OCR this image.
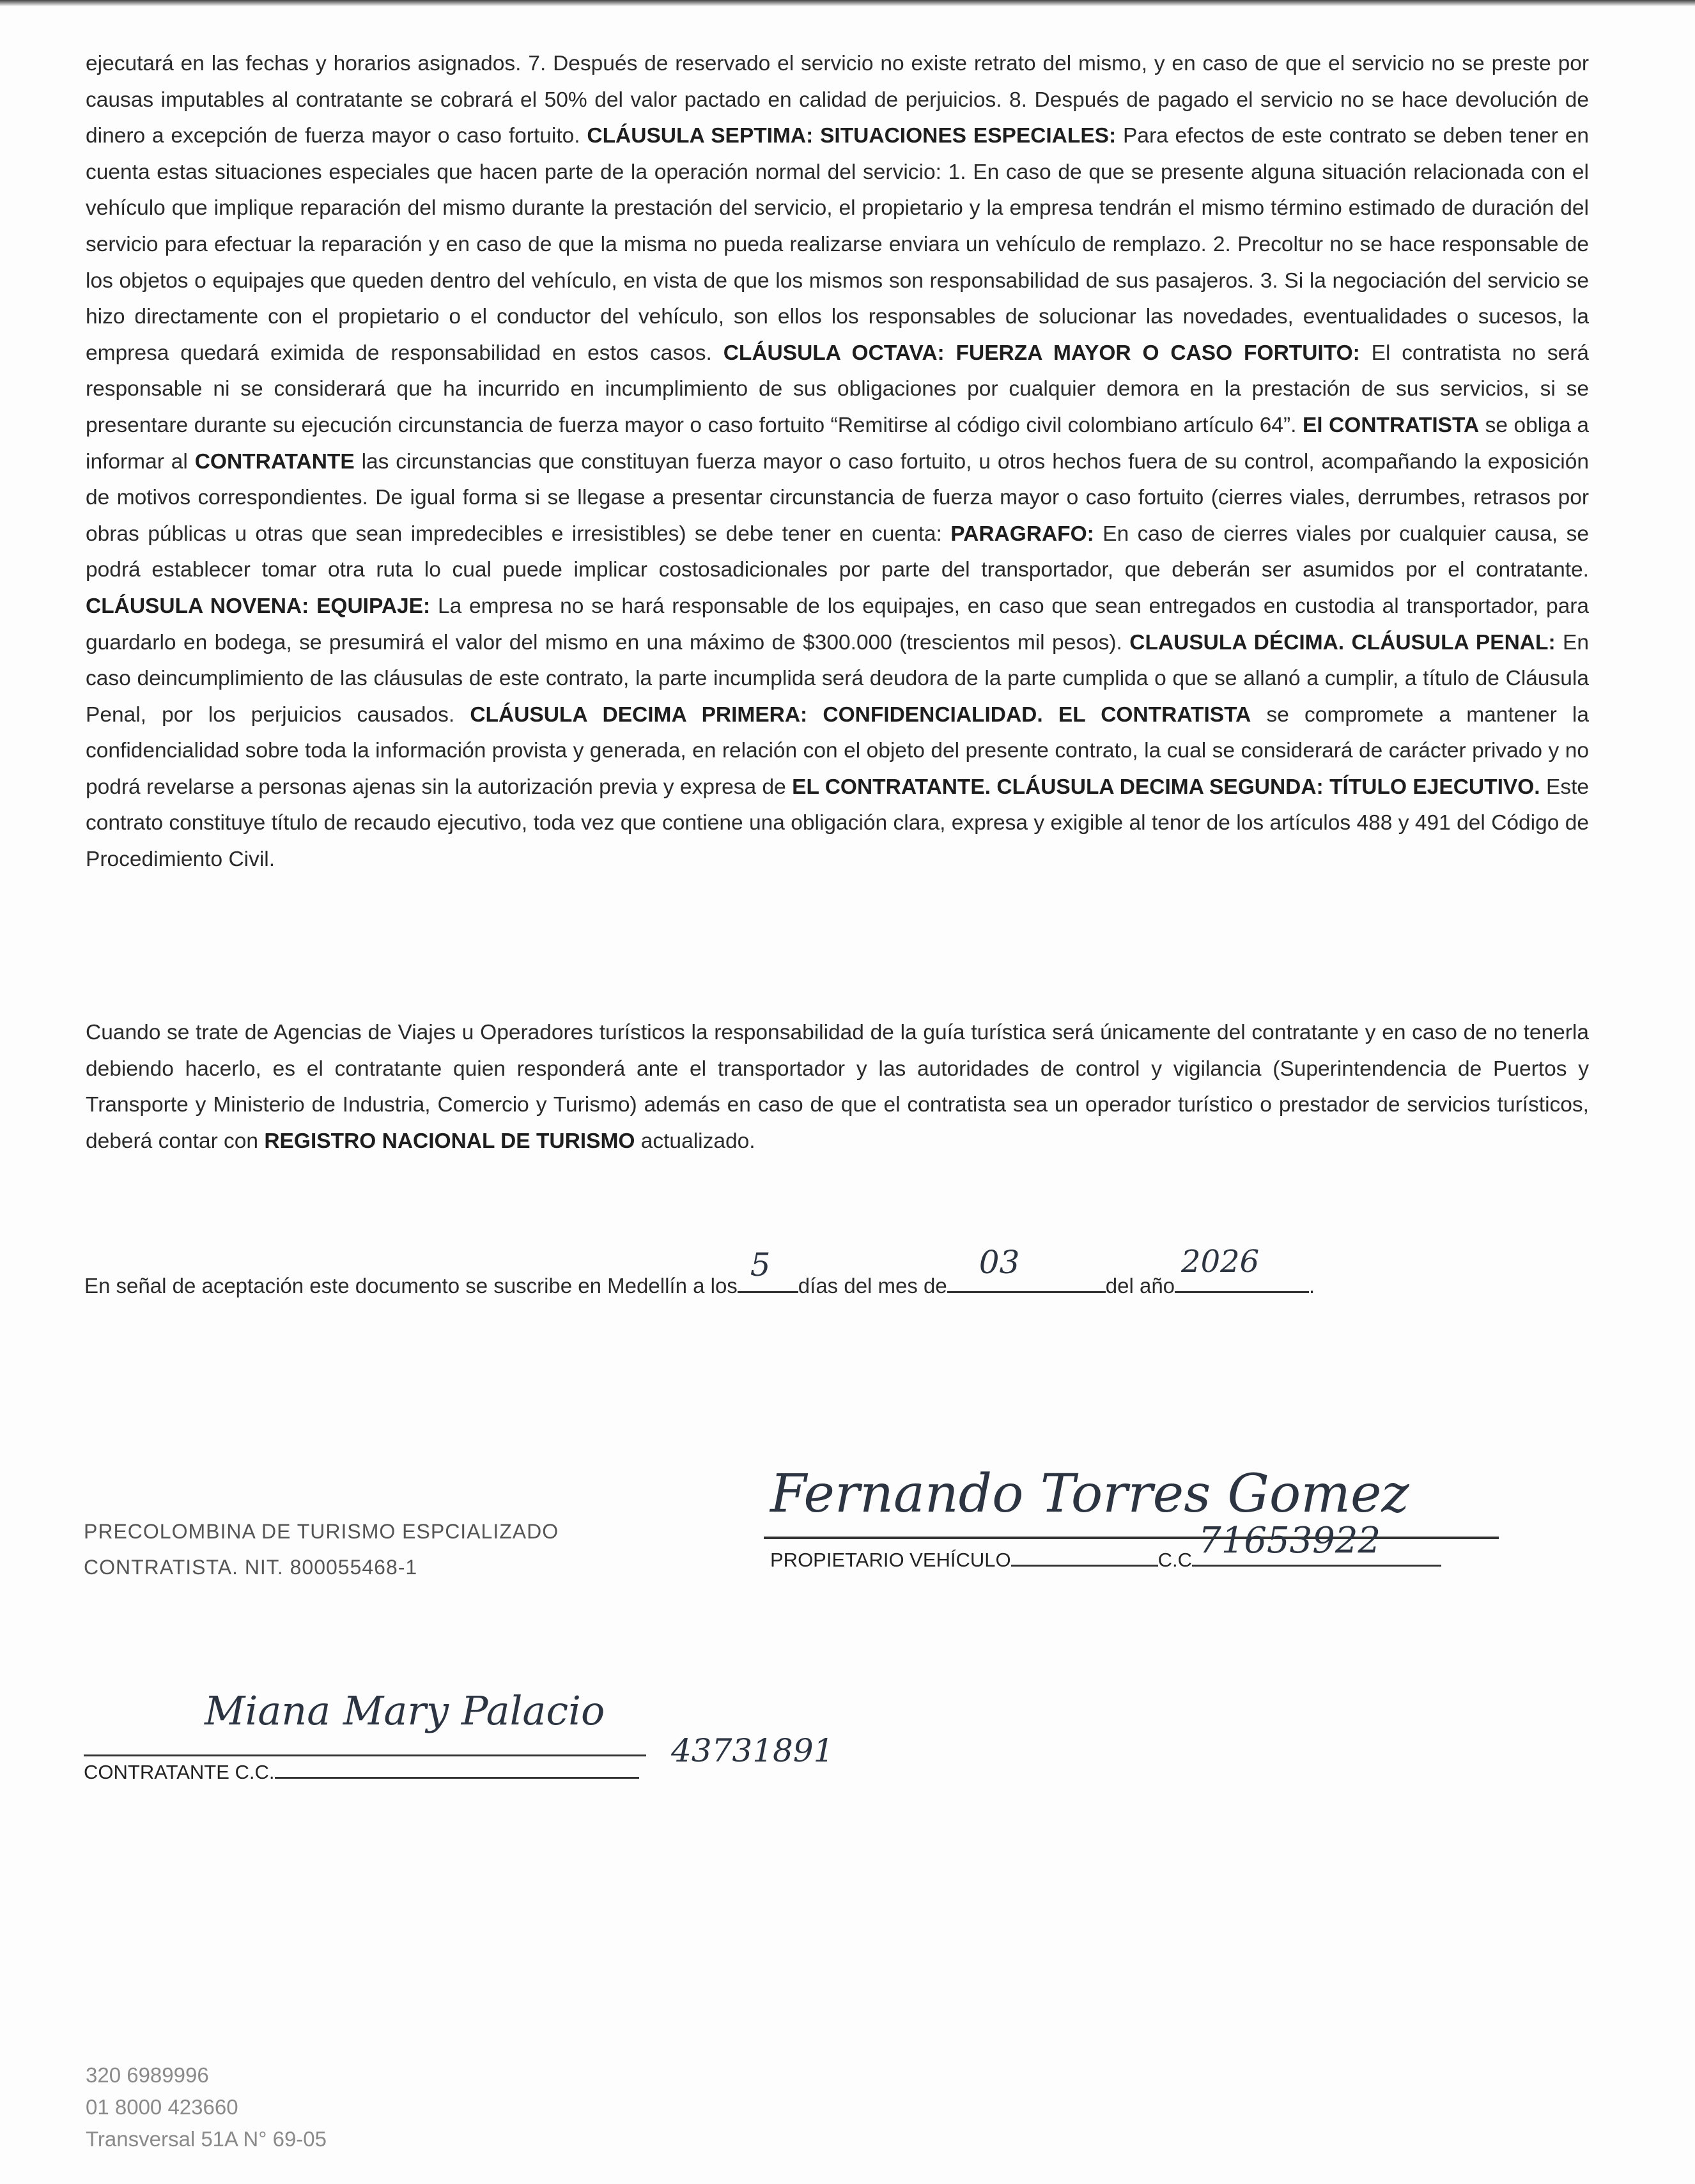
ejecutará en las fechas y horarios asignados. 7. Después de reservado el servicio no existe retrato del mismo, y en caso de que el servicio no se preste por causas imputables al contratante se cobrará el 50% del valor pactado en calidad de perjuicios. 8. Después de pagado el servicio no se hace devolución de dinero a excepción de fuerza mayor o caso fortuito. CLÁUSULA SEPTIMA: SITUACIONES ESPECIALES: Para efectos de este contrato se deben tener en cuenta estas situaciones especiales que hacen parte de la operación normal del servicio: 1. En caso de que se presente alguna situación relacionada con el vehículo que implique reparación del mismo durante la prestación del servicio, el propietario y la empresa tendrán el mismo término estimado de duración del servicio para efectuar la reparación y en caso de que la misma no pueda realizarse enviara un vehículo de remplazo. 2. Precoltur no se hace responsable de los objetos o equipajes que queden dentro del vehículo, en vista de que los mismos son responsabilidad de sus pasajeros. 3. Si la negociación del servicio se hizo directamente con el propietario o el conductor del vehículo, son ellos los responsables de solucionar las novedades, eventualidades o sucesos, la empresa quedará eximida de responsabilidad en estos casos. CLÁUSULA OCTAVA: FUERZA MAYOR O CASO FORTUITO: El contratista no será responsable ni se considerará que ha incurrido en incumplimiento de sus obligaciones por cualquier demora en la prestación de sus servicios, si se presentare durante su ejecución circunstancia de fuerza mayor o caso fortuito “Remitirse al código civil colombiano artículo 64”. El CONTRATISTA se obliga a informar al CONTRATANTE las circunstancias que constituyan fuerza mayor o caso fortuito, u otros hechos fuera de su control, acompañando la exposición de motivos correspondientes. De igual forma si se llegase a presentar circunstancia de fuerza mayor o caso fortuito (cierres viales, derrumbes, retrasos por obras públicas u otras que sean impredecibles e irresistibles) se debe tener en cuenta: PARAGRAFO: En caso de cierres viales por cualquier causa, se podrá establecer tomar otra ruta lo cual puede implicar costosadicionales por parte del transportador, que deberán ser asumidos por el contratante. CLÁUSULA NOVENA: EQUIPAJE: La empresa no se hará responsable de los equipajes, en caso que sean entregados en custodia al transportador, para guardarlo en bodega, se presumirá el valor del mismo en una máximo de $300.000 (trescientos mil pesos). CLAUSULA DÉCIMA. CLÁUSULA PENAL: En caso deincumplimiento de las cláusulas de este contrato, la parte incumplida será deudora de la parte cumplida o que se allanó a cumplir, a título de Cláusula Penal, por los perjuicios causados. CLÁUSULA DECIMA PRIMERA: CONFIDENCIALIDAD. EL CONTRATISTA se compromete a mantener la confidencialidad sobre toda la información provista y generada, en relación con el objeto del presente contrato, la cual se considerará de carácter privado y no podrá revelarse a personas ajenas sin la autorización previa y expresa de EL CONTRATANTE. CLÁUSULA DECIMA SEGUNDA: TÍTULO EJECUTIVO. Este contrato constituye título de recaudo ejecutivo, toda vez que contiene una obligación clara, expresa y exigible al tenor de los artículos 488 y 491 del Código de Procedimiento Civil.
Cuando se trate de Agencias de Viajes u Operadores turísticos la responsabilidad de la guía turística será únicamente del contratante y en caso de no tenerla debiendo hacerlo, es el contratante quien responderá ante el transportador y las autoridades de control y vigilancia (Superintendencia de Puertos y Transporte y Ministerio de Industria, Comercio y Turismo) además en caso de que el contratista sea un operador turístico o prestador de servicios turísticos, deberá contar con REGISTRO NACIONAL DE TURISMO actualizado.
En señal de aceptación este documento se suscribe en Medellín a los
5
días del mes de
03
del año
2026
.
PRECOLOMBINA DE TURISMO ESPCIALIZADO
CONTRATISTA. NIT. 800055468-1
Fernando Torres Gomez
PROPIETARIO VEHÍCULO	C.C 71653922
Miana Mary Palacio
CONTRATANTE C.C.
43731891
320 6989996
01 8000 423660
Transversal 51A N° 69-05
